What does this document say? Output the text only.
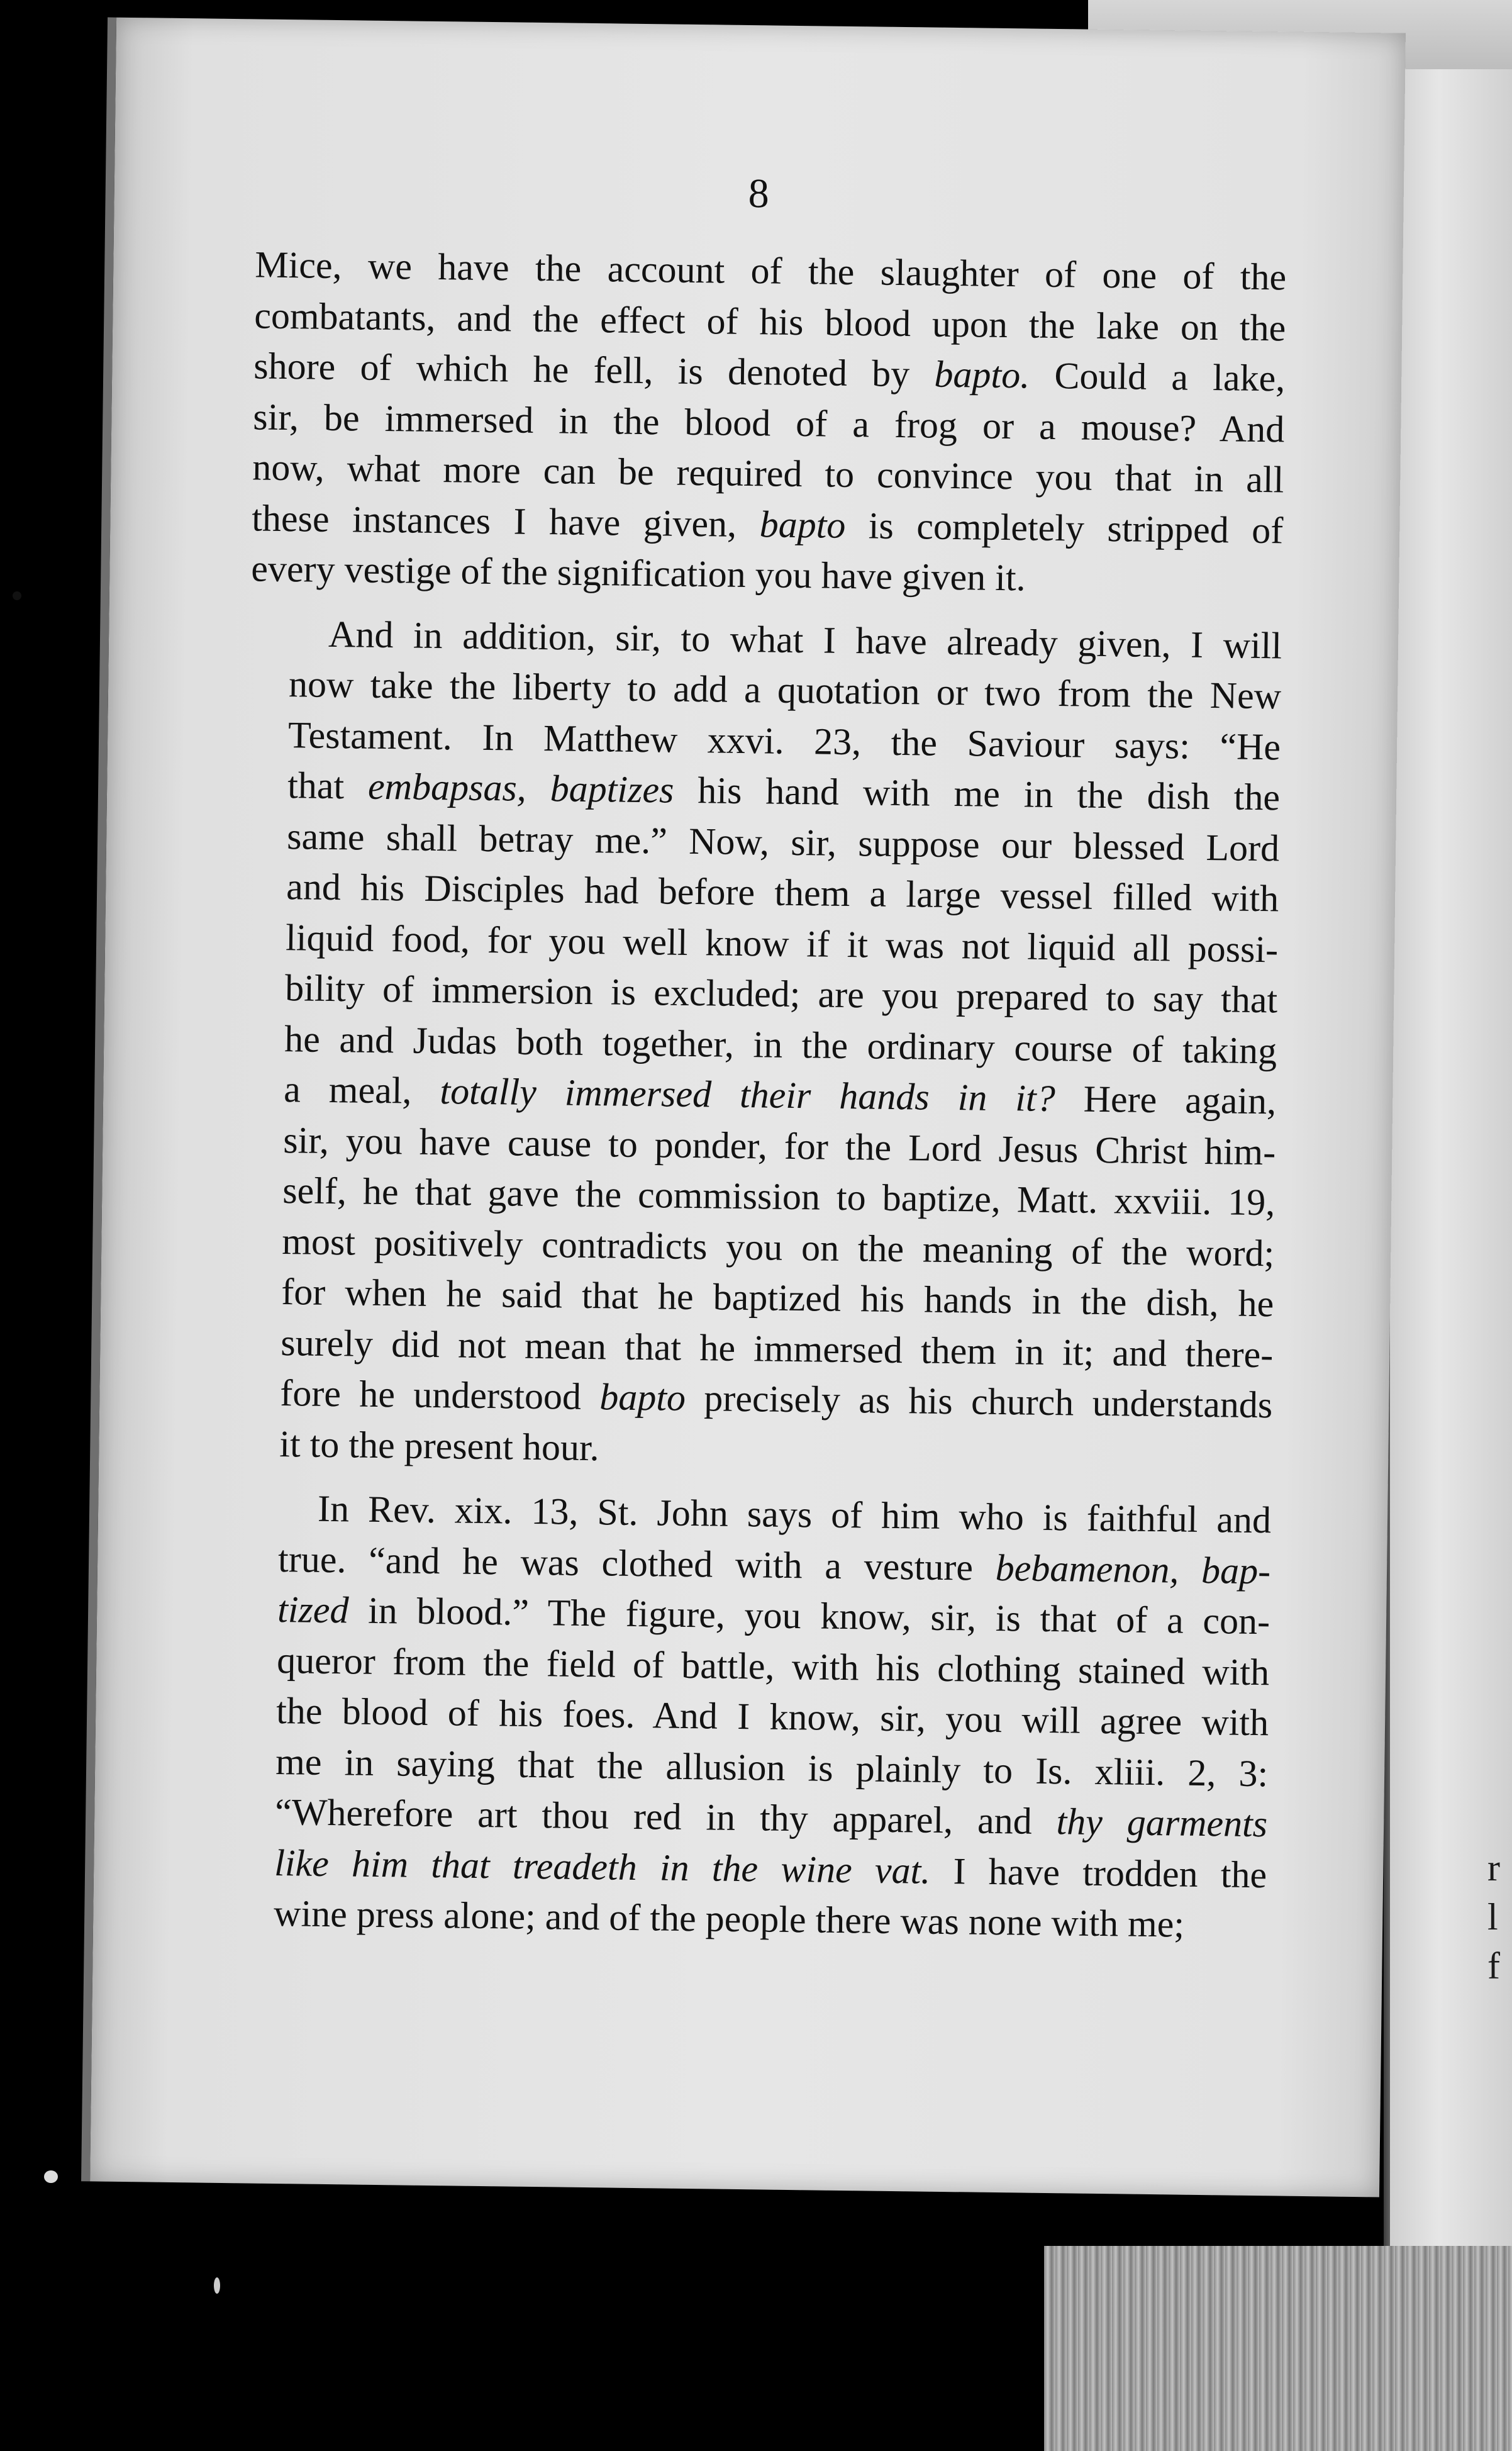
r
l
f
8
Mice, we have the account of the slaughter of one of the
combatants, and the effect of his blood upon the lake on the
shore of which he fell, is denoted by bapto. Could a lake,
sir, be immersed in the blood of a frog or a mouse? And
now, what more can be required to convince you that in all
these instances I have given, bapto is completely stripped of
every vestige of the signification you have given it.
And in addition, sir, to what I have already given, I will
now take the liberty to add a quotation or two from the New
Testament. In Matthew xxvi. 23, the Saviour says: “He
that embapsas, baptizes his hand with me in the dish the
same shall betray me.” Now, sir, suppose our blessed Lord
and his Disciples had before them a large vessel filled with
liquid food, for you well know if it was not liquid all possi-
bility of immersion is excluded; are you prepared to say that
he and Judas both together, in the ordinary course of taking
a meal, totally immersed their hands in it? Here again,
sir, you have cause to ponder, for the Lord Jesus Christ him-
self, he that gave the commission to baptize, Matt. xxviii. 19,
most positively contradicts you on the meaning of the word;
for when he said that he baptized his hands in the dish, he
surely did not mean that he immersed them in it; and there-
fore he understood bapto precisely as his church understands
it to the present hour.
In Rev. xix. 13, St. John says of him who is faithful and
true. “and he was clothed with a vesture bebamenon, bap-
tized in blood.” The figure, you know, sir, is that of a con-
queror from the field of battle, with his clothing stained with
the blood of his foes. And I know, sir, you will agree with
me in saying that the allusion is plainly to Is. xliii. 2, 3:
“Wherefore art thou red in thy apparel, and thy garments
like him that treadeth in the wine vat. I have trodden the
wine press alone; and of the people there was none with me;
